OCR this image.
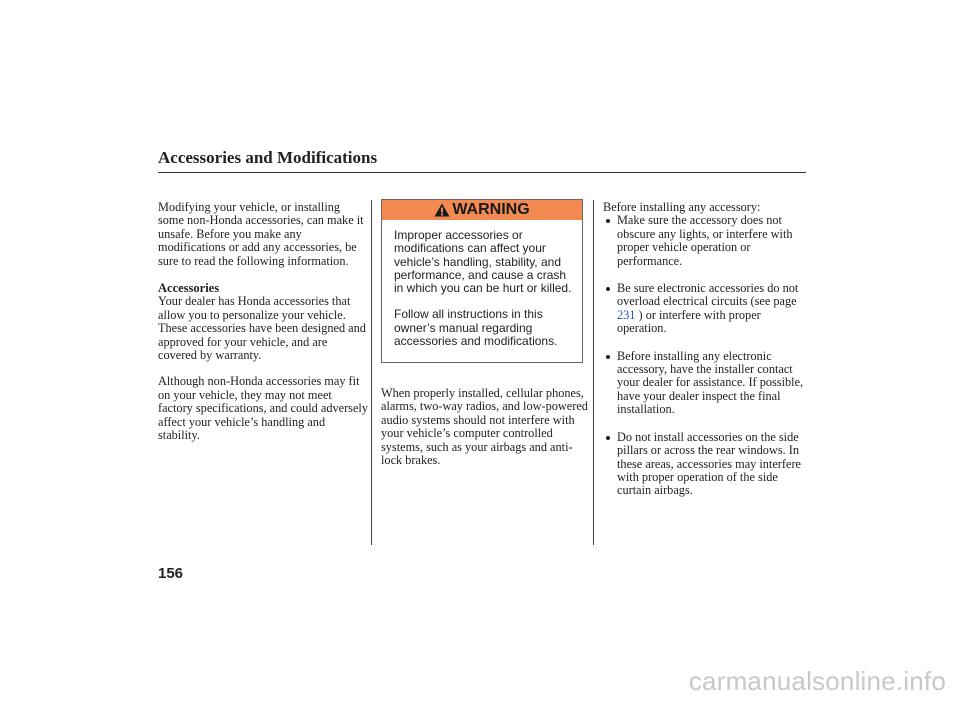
Accessories and Modifications

Modifying your vehicle, or installing some non-Honda accessories, can make it unsafe. Before you make any modifications or add any accessories, be sure to read the following information.

Accessories

Your dealer has Honda accessories that allow you to personalize your vehicle. These accessories have been designed and approved for your vehicle, and are covered by warranty.

Although non-Honda accessories may fit on your vehicle, they may not meet factory specifications, and could adversely affect your vehicle’s handling and stability.

WARNING

Improper accessories or modifications can affect your vehicle’s handling, stability, and performance, and cause a crash in which you can be hurt or killed.

Follow all instructions in this owner’s manual regarding accessories and modifications.

When properly installed, cellular phones, alarms, two-way radios, and low-powered audio systems should not interfere with your vehicle’s computer controlled systems, such as your airbags and anti-lock brakes.

Before installing any accessory:

Make sure the accessory does not obscure any lights, or interfere with proper vehicle operation or performance.
Be sure electronic accessories do not overload electrical circuits (see page 231 ) or interfere with proper operation.
Before installing any electronic accessory, have the installer contact your dealer for assistance. If possible, have your dealer inspect the final installation.
Do not install accessories on the side pillars or across the rear windows. In these areas, accessories may interfere with proper operation of the side curtain airbags.
156
carmanualsonline.info
